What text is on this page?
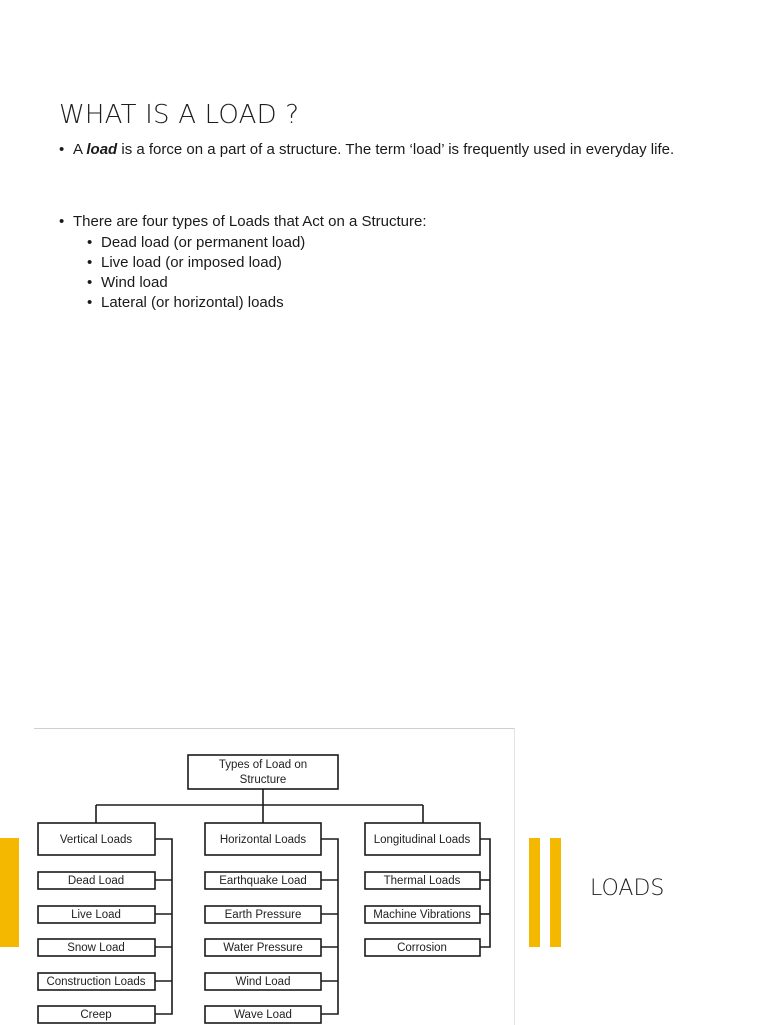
WHAT IS A LOAD ?
• A load is a force on a part of a structure. The term ‘load’ is frequently used in everyday life.
• There are four types of Loads that Act on a Structure:
• Dead load (or permanent load)
• Live load (or imposed load)
• Wind load
• Lateral (or horizontal) loads
Types of Load on
Structure
Vertical Loads	Horizontal Loads	Longitudinal Loads
Dead Load
Live Load
Snow Load
Construction Loads
Creep
Earthquake Load
Earth Pressure
Water Pressure
Wind Load
Wave Load
Thermal Loads
Machine Vibrations
Corrosion
LOADS
